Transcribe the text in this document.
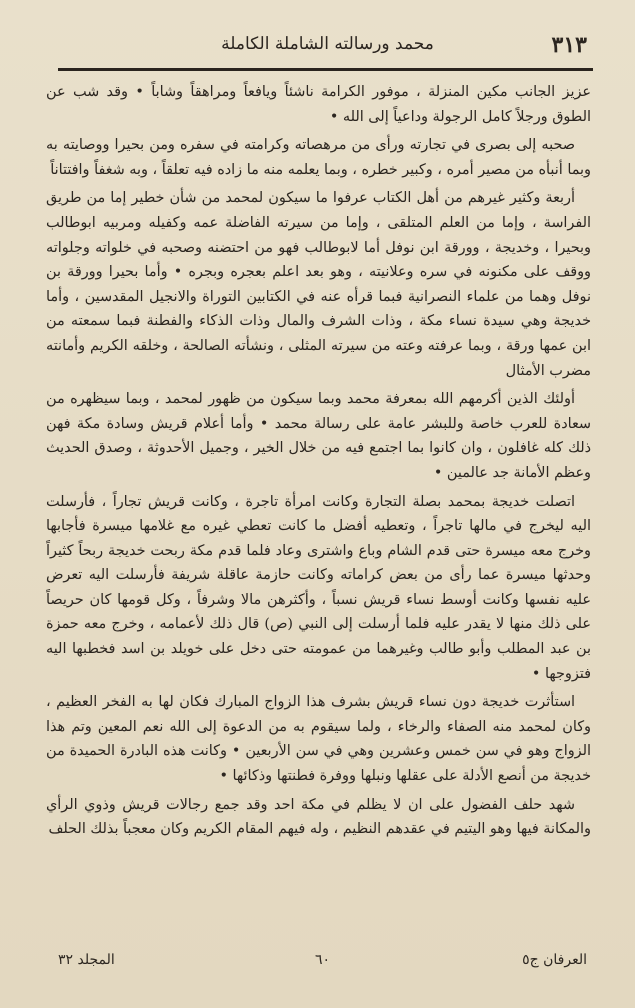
٣١٣
محمد ورسالته الشاملة الكاملة

عزيز الجانب مكين المنزلة ، موفور الكرامة ناشئاً ويافعاً ومراهقاً وشاباً • وقد شب عن الطوق ورجلاً كامل الرجولة وداعياً إلى الله •

صحبه إلى بصرى في تجارته ورأى من مرهصاته وكرامته في سفره ومن بحيرا ووصايته به وبما أنبأه من مصير أمره ، وكبير خطره ، وبما يعلمه منه ما زاده فيه تعلقاً ، وبه شغفاً وافتتاناً

أربعة وكثير غيرهم من أهل الكتاب عرفوا ما سيكون لمحمد من شأن خطير إما من طريق الفراسة ، وإما من العلم المتلقى ، وإما من سيرته الفاضلة عمه وكفيله ومربيه ابوطالب وبحيرا ، وخديجة ، وورقة ابن نوفل أما لابوطالب فهو من احتضنه وصحبه في خلواته وجلواته ووقف على مكنونه في سره وعلانيته ، وهو بعد اعلم بعجره وبجره • وأما بحيرا وورقة بن نوفل وهما من علماء النصرانية فبما قرأه عنه في الكتابين التوراة والانجيل المقدسين ، وأما خديجة وهي سيدة نساء مكة ، وذات الشرف والمال وذات الذكاء والفطنة فبما سمعته من ابن عمها ورقة ، وبما عرفته وعته من سيرته المثلى ، ونشأته الصالحة ، وخلقه الكريم وأمانته مضرب الأمثال

أولئك الذين أكرمهم الله بمعرفة محمد وبما سيكون من ظهور لمحمد ، وبما سيظهره من سعادة للعرب خاصة وللبشر عامة على رسالة محمد • وأما أعلام قريش وسادة مكة فهن ذلك كله غافلون ، وان كانوا بما اجتمع فيه من خلال الخير ، وجميل الأحدوثة ، وصدق الحديث وعظم الأمانة جد عالمين •

اتصلت خديجة بمحمد بصلة التجارة وكانت امرأة تاجرة ، وكانت قريش تجاراً ، فأرسلت اليه ليخرج في مالها تاجراً ، وتعطيه أفضل ما كانت تعطي غيره مع غلامها ميسرة فأجابها وخرج معه ميسرة حتى قدم الشام وباع واشترى وعاد فلما قدم مكة ربحت خديجة ربحاً كثيراً وحدثها ميسرة عما رأى من بعض كراماته وكانت حازمة عاقلة شريفة فأرسلت اليه تعرض عليه نفسها وكانت أوسط نساء قريش نسباً ، وأكثرهن مالا وشرفاً ، وكل قومها كان حريصاً على ذلك منها لا يقدر عليه فلما أرسلت إلى النبي (ص) قال ذلك لأعمامه ، وخرج معه حمزة بن عبد المطلب وأبو طالب وغيرهما من عمومته حتى دخل على خويلد بن اسد فخطبها اليه فتزوجها •

استأثرت خديجة دون نساء قريش بشرف هذا الزواج المبارك فكان لها به الفخر العظيم ، وكان لمحمد منه الصفاء والرخاء ، ولما سيقوم به من الدعوة إلى الله نعم المعين وتم هذا الزواج وهو في سن خمس وعشرين وهي في سن الأربعين • وكانت هذه البادرة الحميدة من خديجة من أنصع الأدلة على عقلها ونبلها ووفرة فطنتها وذكائها •

شهد حلف الفضول على ان لا يظلم في مكة احد وقد جمع رجالات قريش وذوي الرأي والمكانة فيها وهو اليتيم في عقدهم النظيم ، وله فيهم المقام الكريم وكان معجباً بذلك الحلف

العرفان ج٥
٦٠
المجلد ٣٢
